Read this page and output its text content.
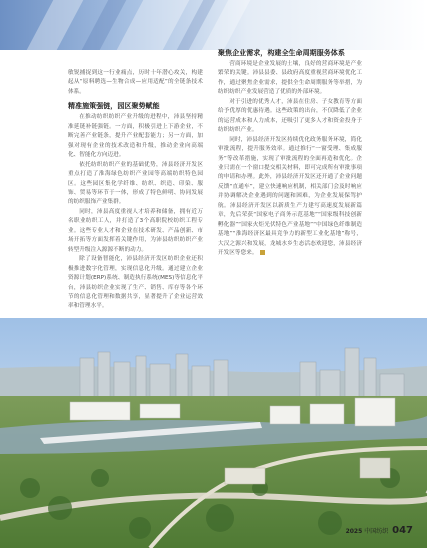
敏锐捕捉到这一行业痛点，历时十年潜心攻关，构建起从“原料聘选—生物合成—应用适配”的全链条技术体系。

精准施策强链，园区聚势赋能

在推动纺织纺织产业升级的进程中，沛县坚持精准延链补链强链。一方面，积极引进上下游企业，不断完善产业链条，提升产业配套能力；另一方面，加强对现有企业的技术改造和升级，推动企业向高端化、智能化方向迈进。

依托纺织纺织产业的基础优势，沛县经济开发区重点打造了淮海绿色纺织产业园等高端纺织特色园区。这些园区集化学纤维、纺织、织造、印染、服饰、贸易等环节于一体，形成了特色鲜明、协同发展的纺织服饰产业集群。

同时，沛县高度重视人才培养和储备，拥有近万名职业纺织工人，并打造了3个高职院校纺织工程专业。这些专业人才和企业在技术研发、产品创新、市场开拓等方面发挥着关键作用，为沛县纺织纺织产业转型升级注入源源不断的动力。

除了设备智能化，沛县经济开发区纺织企业还积极推进数字化管理，实现信息化升级。通过建立企业资源计划(ERP)系统、制造执行系统(MES)等信息化平台，沛县纺织企业实现了生产、销售、库存等各个环节的信息化管理和数据共享，显著提升了企业运营效率和管理水平。

聚焦企业需求，构建全生命周期服务体系

营商环境是企业发展的土壤，良好的营商环境是产业繁荣的关键。沛县县委、县政府高度重视营商环境优化工作，通过聚焦企业需求，提供全生命周期服务等举措，为纺织纺织产业发展营造了优质的外部环境。

对于引进的优秀人才，沛县在住房、子女教育等方面给予优厚的优惠待遇。这些政策的出台，不仅降低了企业的运营成本和人力成本，还吸引了更多人才和资金投身于纺织纺织产业。

同时，沛县经济开发区持续优化政务服务环境，简化审批流程，提升服务效率。通过推行“一窗受理、集成服务”等改革措施，实现了审批流程的全面再造和优化。企业只需在一个窗口提交相关材料，即可完成所有审批事项的申请和办理。此外，沛县经济开发区还开通了企业问题反馈“直通车”，建立快速响应机制，相关部门会及时响应并协调解决企业遇到的问题和困难，为企业发展保驾护航。沛县经济开发区以新质生产力建写高速度发展新篇章，先后荣获“国家电子商务示范基地”“国家级科技创新孵化器”“国家火炬光伏特色产业基地”“中国绿色纤维制造基地”“淮海经济区最具竞争力的新型工业化基地”称号，大汉之源兴和发展，龙城水乡生态活态欢迎您，沛县经济开发区等您来。

2025 中国纺织 047
